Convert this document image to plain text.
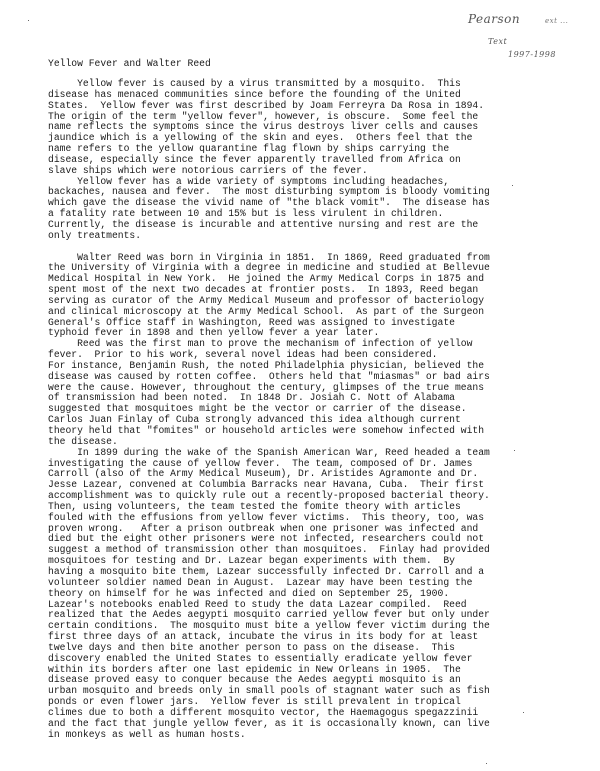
Pearson	ext ...
Text
1997-1998
Yellow Fever and Walter Reed
Yellow fever is caused by a virus transmitted by a mosquito.  This
disease has menaced communities since before the founding of the United
States.  Yellow fever was first described by Joam Ferreyra Da Rosa in 1894.
The origin of the term "yellow fever", however, is obscure.  Some feel the
name reflects the symptoms since the virus destroys liver cells and causes
jaundice which is a yellowing of the skin and eyes.  Others feel that the
name refers to the yellow quarantine flag flown by ships carrying the
disease, especially since the fever apparently travelled from Africa on
slave ships which were notorious carriers of the fever.
Yellow fever has a wide variety of symptoms including headaches,
backaches, nausea and fever.  The most disturbing symptom is bloody vomiting
which gave the disease the vivid name of "the black vomit".  The disease has
a fatality rate between 10 and 15% but is less virulent in children.
Currently, the disease is incurable and attentive nursing and rest are the
only treatments.
Walter Reed was born in Virginia in 1851.  In 1869, Reed graduated from
the University of Virginia with a degree in medicine and studied at Bellevue
Medical Hospital in New York.  He joined the Army Medical Corps in 1875 and
spent most of the next two decades at frontier posts.  In 1893, Reed began
serving as curator of the Army Medical Museum and professor of bacteriology
and clinical microscopy at the Army Medical School.  As part of the Surgeon
General's Office staff in Washington, Reed was assigned to investigate
typhoid fever in 1898 and then yellow fever a year later.
Reed was the first man to prove the mechanism of infection of yellow
fever.  Prior to his work, several novel ideas had been considered.
For instance, Benjamin Rush, the noted Philadelphia physician, believed the
disease was caused by rotten coffee.  Others held that "miasmas" or bad airs
were the cause. However, throughout the century, glimpses of the true means
of transmission had been noted.  In 1848 Dr. Josiah C. Nott of Alabama
suggested that mosquitoes might be the vector or carrier of the disease.
Carlos Juan Finlay of Cuba strongly advanced this idea although current
theory held that "fomites" or household articles were somehow infected with
the disease.
In 1899 during the wake of the Spanish American War, Reed headed a team
investigating the cause of yellow fever.  The team, composed of Dr. James
Carroll (also of the Army Medical Museum), Dr. Aristides Agramonte and Dr.
Jesse Lazear, convened at Columbia Barracks near Havana, Cuba.  Their first
accomplishment was to quickly rule out a recently-proposed bacterial theory.
Then, using volunteers, the team tested the fomite theory with articles
fouled with the effusions from yellow fever victims.  This theory, too, was
proven wrong.   After a prison outbreak when one prisoner was infected and
died but the eight other prisoners were not infected, researchers could not
suggest a method of transmission other than mosquitoes.  Finlay had provided
mosquitoes for testing and Dr. Lazear began experiments with them.  By
having a mosquito bite them, Lazear successfully infected Dr. Carroll and a
volunteer soldier named Dean in August.  Lazear may have been testing the
theory on himself for he was infected and died on September 25, 1900.
Lazear's notebooks enabled Reed to study the data Lazear compiled.  Reed
realized that the Aedes aegypti mosquito carried yellow fever but only under
certain conditions.  The mosquito must bite a yellow fever victim during the
first three days of an attack, incubate the virus in its body for at least
twelve days and then bite another person to pass on the disease.  This
discovery enabled the United States to essentially eradicate yellow fever
within its borders after one last epidemic in New Orleans in 1905.  The
disease proved easy to conquer because the Aedes aegypti mosquito is an
urban mosquito and breeds only in small pools of stagnant water such as fish
ponds or even flower jars.  Yellow fever is still prevalent in tropical
climes due to both a different mosquito vector, the Haemagogus spegazzinii
and the fact that jungle yellow fever, as it is occasionally known, can live
in monkeys as well as human hosts.
